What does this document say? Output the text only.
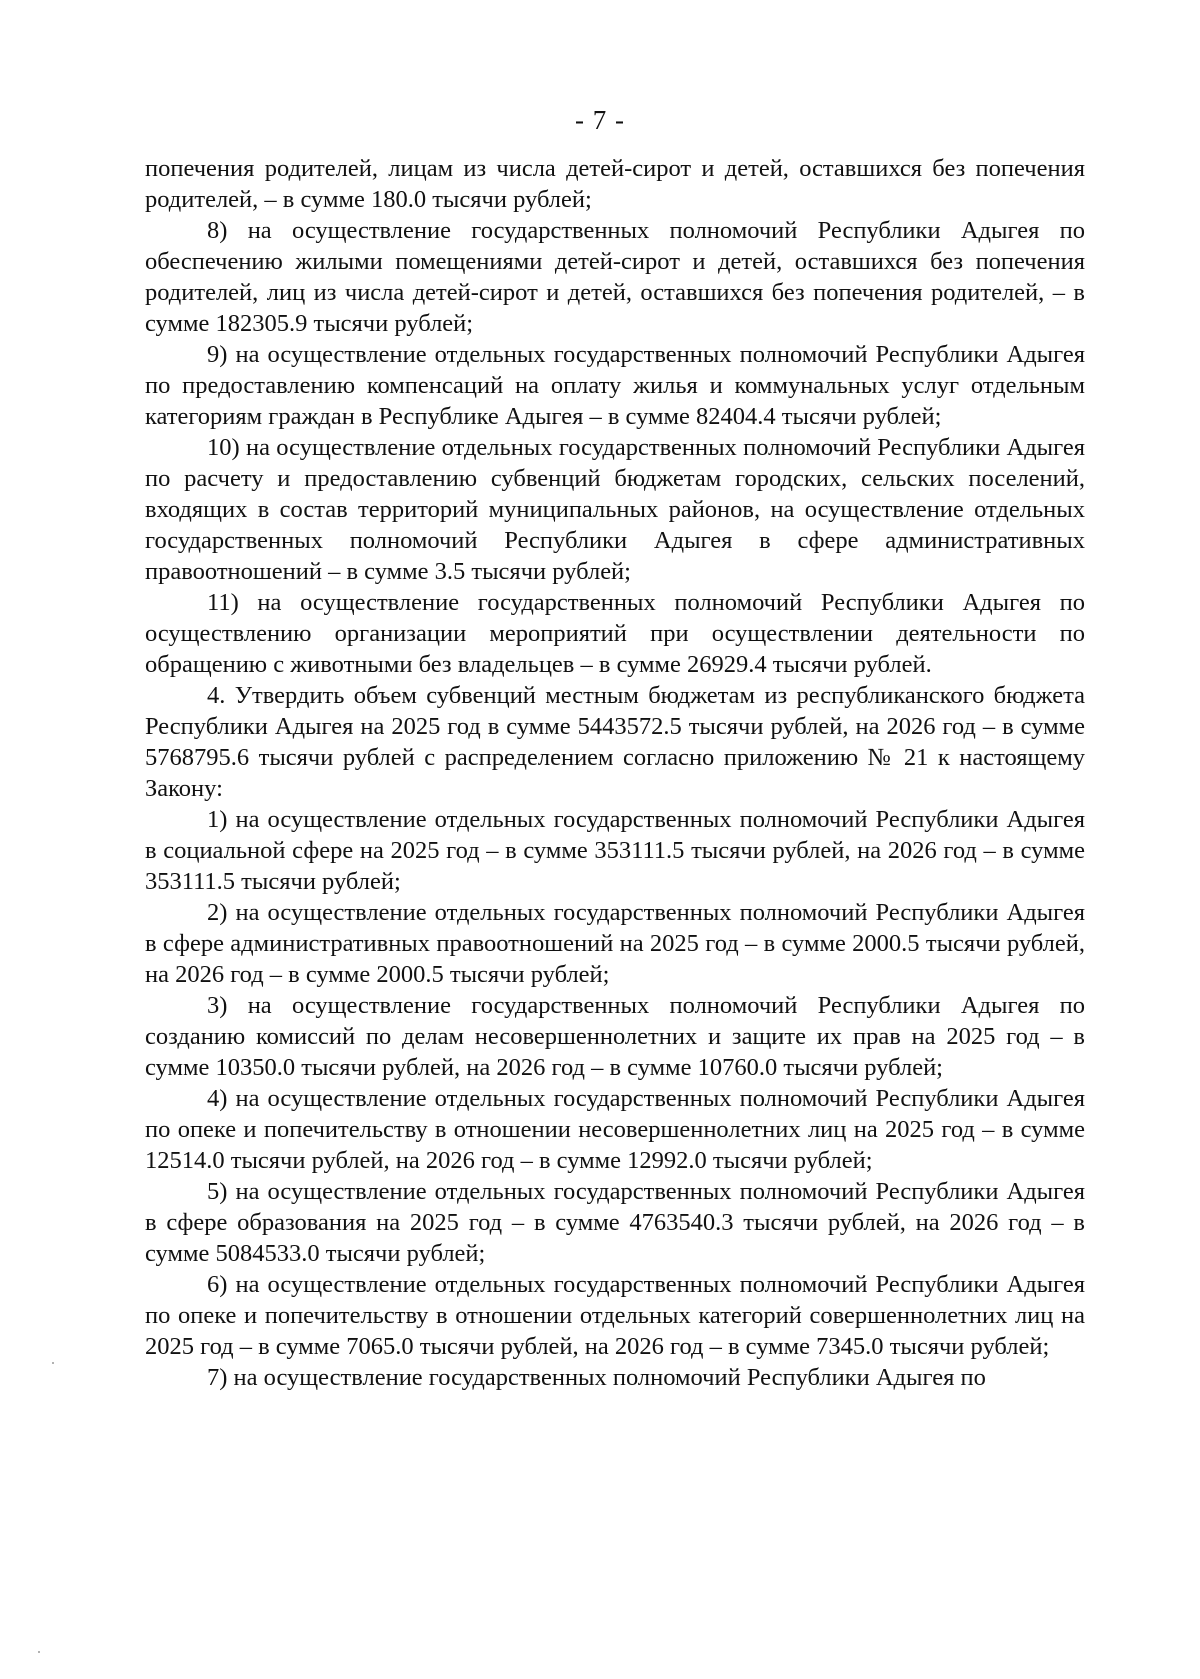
- 7 -

попечения родителей, лицам из числа детей-сирот и детей, оставшихся без попечения родителей, – в сумме 180.0 тысячи рублей;

8) на осуществление государственных полномочий Республики Адыгея по обеспечению жилыми помещениями детей-сирот и детей, оставшихся без попечения родителей, лиц из числа детей-сирот и детей, оставшихся без попечения родителей, – в сумме 182305.9 тысячи рублей;

9) на осуществление отдельных государственных полномочий Республики Адыгея по предоставлению компенсаций на оплату жилья и коммунальных услуг отдельным категориям граждан в Республике Адыгея – в сумме 82404.4 тысячи рублей;

10) на осуществление отдельных государственных полномочий Республики Адыгея по расчету и предоставлению субвенций бюджетам городских, сельских поселений, входящих в состав территорий муниципальных районов, на осуществление отдельных государственных полномочий Республики Адыгея в сфере административных правоотношений – в сумме 3.5 тысячи рублей;

11) на осуществление государственных полномочий Республики Адыгея по осуществлению организации мероприятий при осуществлении деятельности по обращению с животными без владельцев – в сумме 26929.4 тысячи рублей.

4. Утвердить объем субвенций местным бюджетам из республиканского бюджета Республики Адыгея на 2025 год в сумме 5443572.5 тысячи рублей, на 2026 год – в сумме 5768795.6 тысячи рублей с распределением согласно приложению № 21 к настоящему Закону:

1) на осуществление отдельных государственных полномочий Республики Адыгея в социальной сфере на 2025 год – в сумме 353111.5 тысячи рублей, на 2026 год – в сумме 353111.5 тысячи рублей;

2) на осуществление отдельных государственных полномочий Республики Адыгея в сфере административных правоотношений на 2025 год – в сумме 2000.5 тысячи рублей, на 2026 год – в сумме 2000.5 тысячи рублей;

3) на осуществление государственных полномочий Республики Адыгея по созданию комиссий по делам несовершеннолетних и защите их прав на 2025 год – в сумме 10350.0 тысячи рублей, на 2026 год – в сумме 10760.0 тысячи рублей;

4) на осуществление отдельных государственных полномочий Республики Адыгея по опеке и попечительству в отношении несовершеннолетних лиц на 2025 год – в сумме 12514.0 тысячи рублей, на 2026 год – в сумме 12992.0 тысячи рублей;

5) на осуществление отдельных государственных полномочий Республики Адыгея в сфере образования на 2025 год – в сумме 4763540.3 тысячи рублей, на 2026 год – в сумме 5084533.0 тысячи рублей;

6) на осуществление отдельных государственных полномочий Республики Адыгея по опеке и попечительству в отношении отдельных категорий совершеннолетних лиц на 2025 год – в сумме 7065.0 тысячи рублей, на 2026 год – в сумме 7345.0 тысячи рублей;

7) на осуществление государственных полномочий Республики Адыгея по
